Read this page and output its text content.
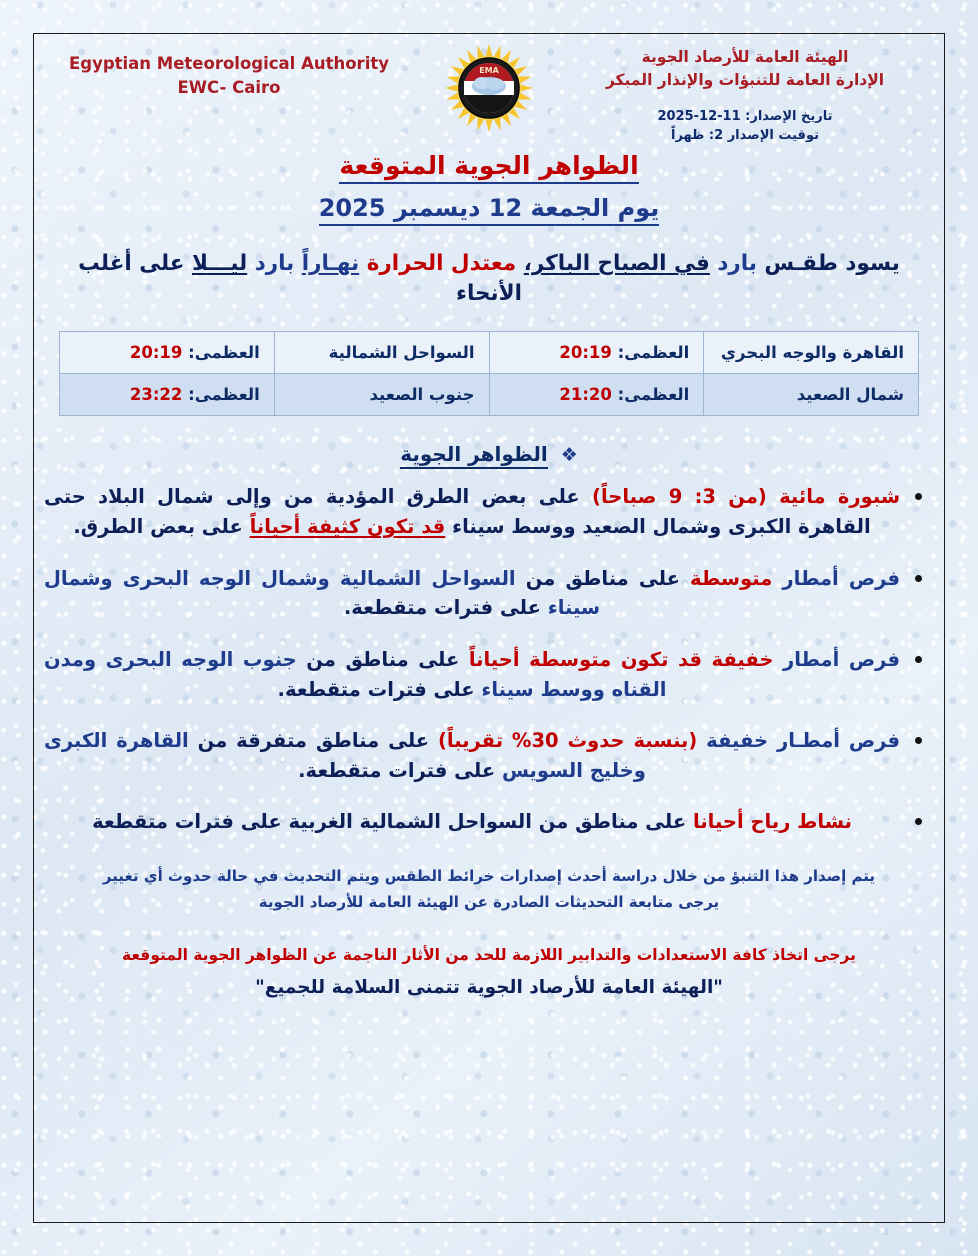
Egyptian Meteorological Authority
EWC- Cairo
EMA
الهيئة العامة للأرصاد الجوية
الإدارة العامة للتنبؤات والإنذار المبكر
تاريخ الإصدار: 2025-12-11
توقيت الإصدار 2: ظهراً
الظواهر الجوية المتوقعة
يوم الجمعة 12 ديسمبر 2025
يسود طقـس بارد في الصباح الباكر، معتدل الحرارة نهـاراً بارد ليـــلا على أغلب الأنحاء
القاهرة والوجه البحري	العظمى: 20:19	السواحل الشمالية	العظمى: 20:19
شمال الصعيد	العظمى: 21:20	جنوب الصعيد	العظمى: 23:22
❖ الظواهر الجوية
شبورة مائية (من 3: 9 صباحاً) على بعض الطرق المؤدية من وإلى شمال البلاد حتى القاهرة الكبرى وشمال الصعيد ووسط سيناء قد تكون كثيفة أحياناً على بعض الطرق.
فرص أمطار متوسطة على مناطق من السواحل الشمالية وشمال الوجه البحرى وشمال سيناء على فترات متقطعة.
فرص أمطار خفيفة قد تكون متوسطة أحياناً على مناطق من جنوب الوجه البحرى ومدن القناه ووسط سيناء على فترات متقطعة.
فرص أمطـار خفيفة (بنسبة حدوث 30% تقريباً) على مناطق متفرقة من القاهرة الكبرى وخليج السويس على فترات متقطعة.
نشاط رياح أحيانا على مناطق من السواحل الشمالية الغربية على فترات متقطعة
يتم إصدار هذا التنبؤ من خلال دراسة أحدث إصدارات خرائط الطقس ويتم التحديث في حالة حدوث أي تغيير
يرجى متابعة التحديثات الصادرة عن الهيئة العامة للأرصاد الجوية
يرجى اتخاذ كافة الاستعدادات والتدابير اللازمة للحد من الأثار الناجمة عن الظواهر الجوية المتوقعة
"الهيئة العامة للأرصاد الجوية تتمنى السلامة للجميع"
